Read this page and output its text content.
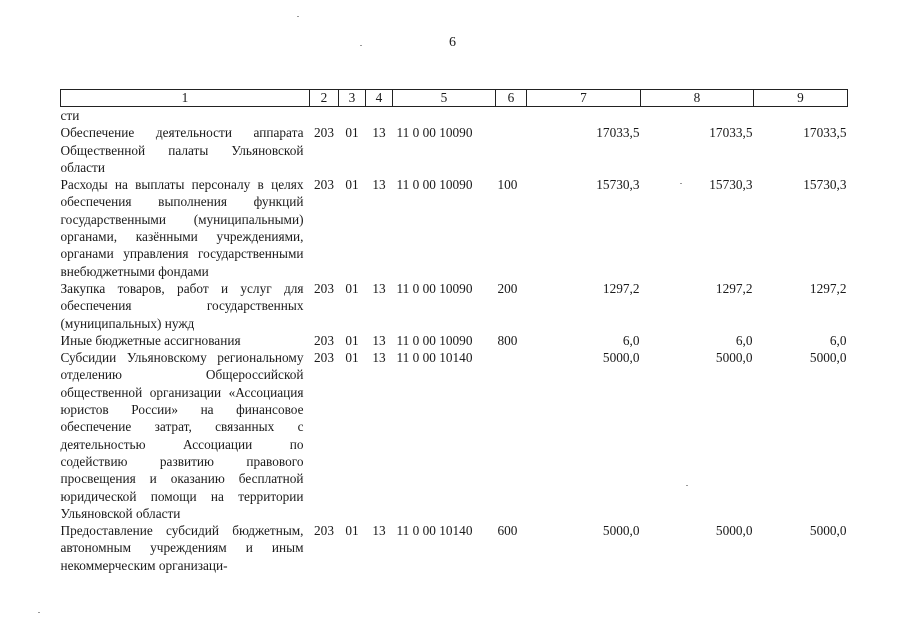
6
1	2	3	4	5	6	7	8	9
сти								
Обеспечение деятельности аппарата Общественной палаты Ульяновской области	203	01	13	11 0 00 10090		17033,5	17033,5	17033,5
Расходы на выплаты персоналу в целях обеспечения выполнения функций государственными (муниципальными) органами, казёнными учреждениями, органами управления государственными внебюджетными фондами	203	01	13	11 0 00 10090	100	15730,3	15730,3	15730,3
Закупка товаров, работ и услуг для обеспечения государственных (муниципальных) нужд	203	01	13	11 0 00 10090	200	1297,2	1297,2	1297,2
Иные бюджетные ассигнования	203	01	13	11 0 00 10090	800	6,0	6,0	6,0
Субсидии Ульяновскому региональному отделению Общероссийской общественной организации «Ассоциация юристов России» на финансовое обеспечение затрат, связанных с деятельностью Ассоциации по содействию развитию правового просвещения и оказанию бесплатной юридической помощи на территории Ульяновской области	203	01	13	11 0 00 10140		5000,0	5000,0	5000,0
Предоставление субсидий бюджетным, автономным учреждениям и иным некоммерческим организаци-	203	01	13	11 0 00 10140	600	5000,0	5000,0	5000,0
